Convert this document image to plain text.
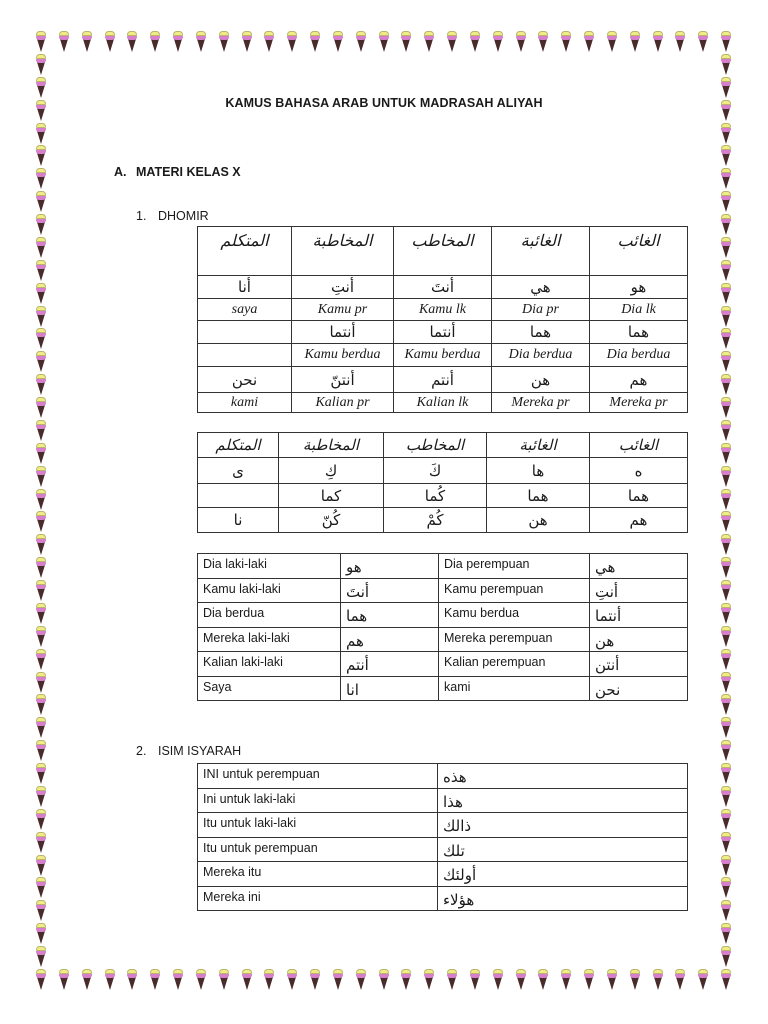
KAMUS BAHASA ARAB UNTUK MADRASAH ALIYAH
A. MATERI KELAS X
1. DHOMIR
المتكلم	المخاطبة	المخاطب	الغائبة	الغائب
أنا	أنتِ	أنتَ	هي	هو
saya	Kamu pr	Kamu lk	Dia pr	Dia lk
	أنتما	أنتما	هما	هما
	Kamu berdua	Kamu berdua	Dia berdua	Dia berdua
نحن	أنتنّ	أنتم	هن	هم
kami	Kalian pr	Kalian lk	Mereka pr	Mereka pr
المتكلم	المخاطبة	المخاطب	الغائبة	الغائب
ى	كِ	كَ	ها	ه
	كما	كُما	هما	هما
نا	كُنّ	كُمْ	هن	هم
Dia laki-laki	هو	Dia perempuan	هي
Kamu laki-laki	أنتَ	Kamu perempuan	أنتِ
Dia berdua	هما	Kamu berdua	أنتما
Mereka laki-laki	هم	Mereka perempuan	هن
Kalian laki-laki	أنتم	Kalian perempuan	أنتن
Saya	انا	kami	نحن
2. ISIM ISYARAH
INI untuk perempuan	هذه
Ini untuk laki-laki	هذا
Itu untuk laki-laki	ذالك
Itu untuk perempuan	تلك
Mereka itu	أولئك
Mereka ini	هؤلاء
